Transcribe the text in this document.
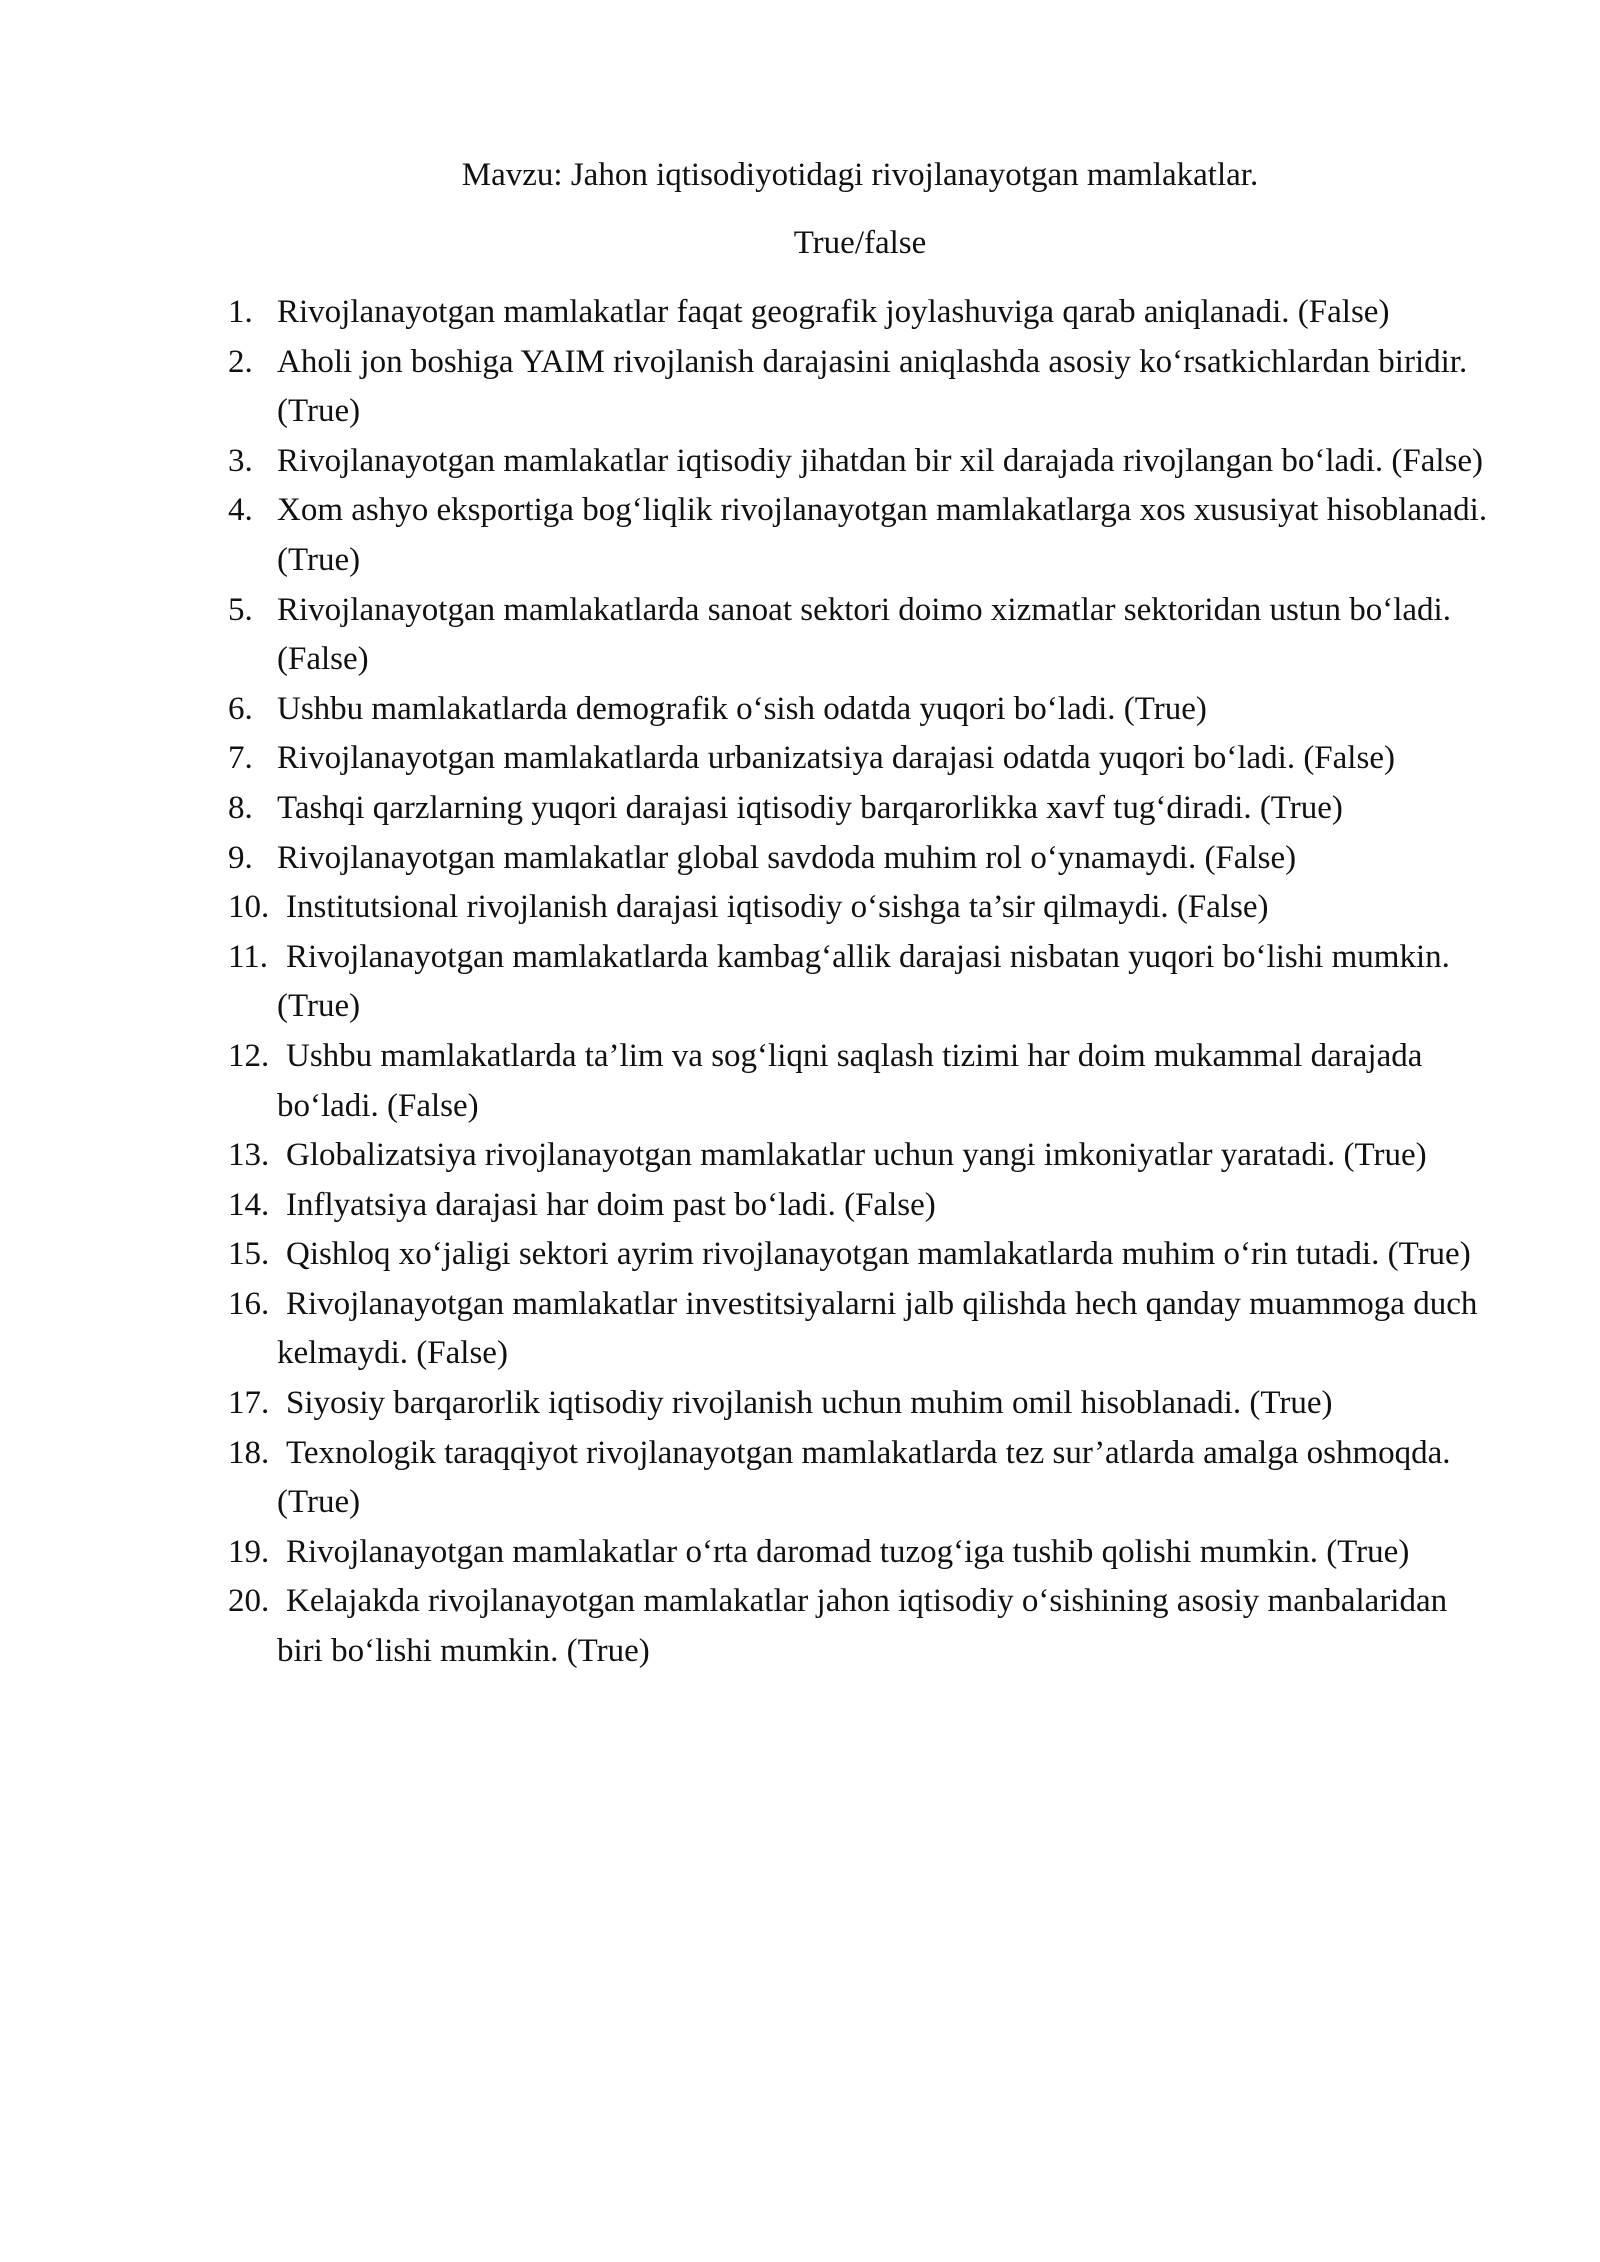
Mavzu: Jahon iqtisodiyotidagi rivojlanayotgan mamlakatlar.
True/false
1. Rivojlanayotgan mamlakatlar faqat geografik joylashuviga qarab aniqlanadi. (False)
2. Aholi jon boshiga YAIM rivojlanish darajasini aniqlashda asosiy ko‘rsatkichlardan biridir. (True)
3. Rivojlanayotgan mamlakatlar iqtisodiy jihatdan bir xil darajada rivojlangan bo‘ladi. (False)
4. Xom ashyo eksportiga bog‘liqlik rivojlanayotgan mamlakatlarga xos xususiyat hisoblanadi. (True)
5. Rivojlanayotgan mamlakatlarda sanoat sektori doimo xizmatlar sektoridan ustun bo‘ladi. (False)
6. Ushbu mamlakatlarda demografik o‘sish odatda yuqori bo‘ladi. (True)
7. Rivojlanayotgan mamlakatlarda urbanizatsiya darajasi odatda yuqori bo‘ladi. (False)
8. Tashqi qarzlarning yuqori darajasi iqtisodiy barqarorlikka xavf tug‘diradi. (True)
9. Rivojlanayotgan mamlakatlar global savdoda muhim rol o‘ynamaydi. (False)
10. Institutsional rivojlanish darajasi iqtisodiy o‘sishga ta’sir qilmaydi. (False)
11. Rivojlanayotgan mamlakatlarda kambag‘allik darajasi nisbatan yuqori bo‘lishi mumkin. (True)
12. Ushbu mamlakatlarda ta’lim va sog‘liqni saqlash tizimi har doim mukammal darajada bo‘ladi. (False)
13. Globalizatsiya rivojlanayotgan mamlakatlar uchun yangi imkoniyatlar yaratadi. (True)
14. Inflyatsiya darajasi har doim past bo‘ladi. (False)
15. Qishloq xo‘jaligi sektori ayrim rivojlanayotgan mamlakatlarda muhim o‘rin tutadi. (True)
16. Rivojlanayotgan mamlakatlar investitsiyalarni jalb qilishda hech qanday muammoga duch kelmaydi. (False)
17. Siyosiy barqarorlik iqtisodiy rivojlanish uchun muhim omil hisoblanadi. (True)
18. Texnologik taraqqiyot rivojlanayotgan mamlakatlarda tez sur’atlarda amalga oshmoqda. (True)
19. Rivojlanayotgan mamlakatlar o‘rta daromad tuzog‘iga tushib qolishi mumkin. (True)
20. Kelajakda rivojlanayotgan mamlakatlar jahon iqtisodiy o‘sishining asosiy manbalaridan biri bo‘lishi mumkin. (True)
